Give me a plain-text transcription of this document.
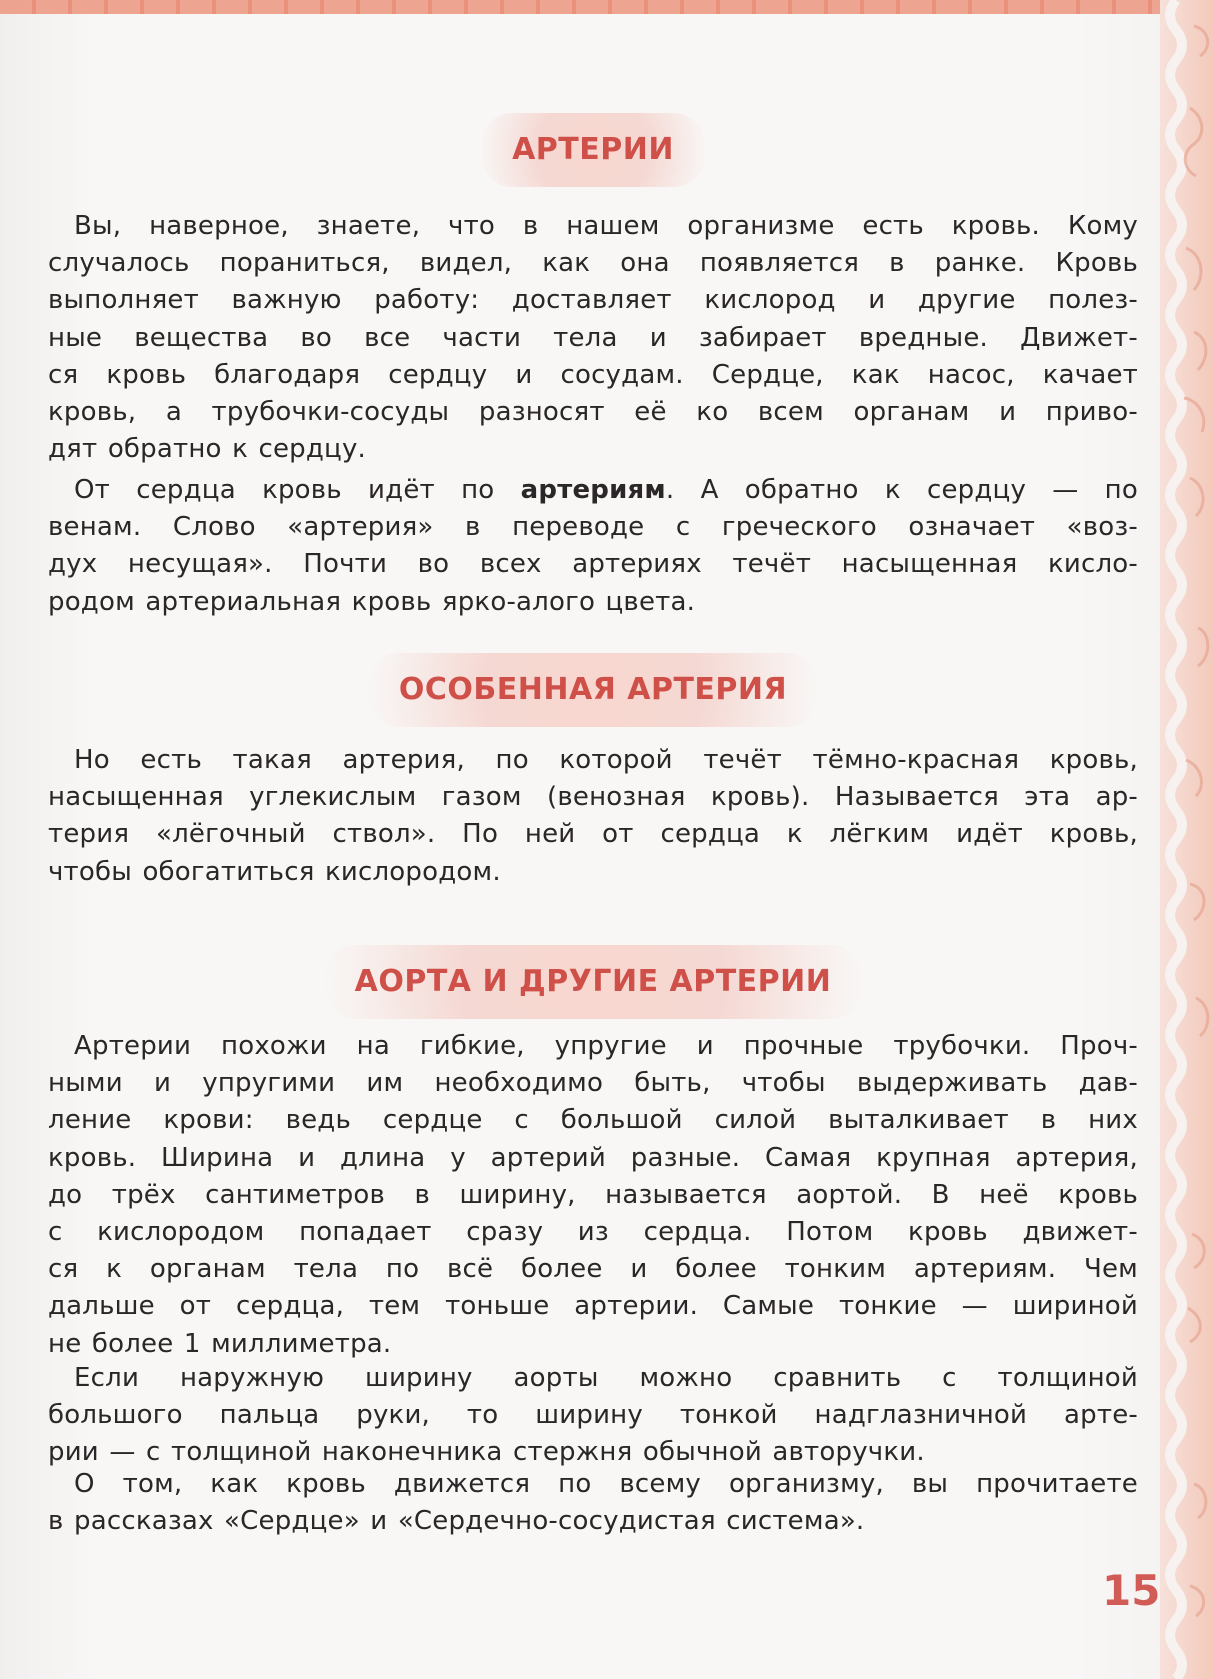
АРТЕРИИ
Вы, наверное, знаете, что в нашем организме есть кровь. Кому
случалось пораниться, видел, как она появляется в ранке. Кровь
выполняет важную работу: доставляет кислород и другие полез-
ные вещества во все части тела и забирает вредные. Движет-
ся кровь благодаря сердцу и сосудам. Сердце, как насос, качает
кровь, а трубочки-сосуды разносят её ко всем органам и приво-
дят обратно к сердцу.
От сердца кровь идёт по артериям. А обратно к сердцу — по
венам. Слово «артерия» в переводе с греческого означает «воз-
дух несущая». Почти во всех артериях течёт насыщенная кисло-
родом артериальная кровь ярко-алого цвета.
ОСОБЕННАЯ АРТЕРИЯ
Но есть такая артерия, по которой течёт тёмно-красная кровь,
насыщенная углекислым газом (венозная кровь). Называется эта ар-
терия «лёгочный ствол». По ней от сердца к лёгким идёт кровь,
чтобы обогатиться кислородом.
АОРТА И ДРУГИЕ АРТЕРИИ
Артерии похожи на гибкие, упругие и прочные трубочки. Проч-
ными и упругими им необходимо быть, чтобы выдерживать дав-
ление крови: ведь сердце с большой силой выталкивает в них
кровь. Ширина и длина у артерий разные. Самая крупная артерия,
до трёх сантиметров в ширину, называется аортой. В неё кровь
с кислородом попадает сразу из сердца. Потом кровь движет-
ся к органам тела по всё более и более тонким артериям. Чем
дальше от сердца, тем тоньше артерии. Самые тонкие — шириной
не более 1 миллиметра.
Если наружную ширину аорты можно сравнить с толщиной
большого пальца руки, то ширину тонкой надглазничной арте-
рии — с толщиной наконечника стержня обычной авторучки.
О том, как кровь движется по всему организму, вы прочитаете
в рассказах «Сердце» и «Сердечно-сосудистая система».
15
